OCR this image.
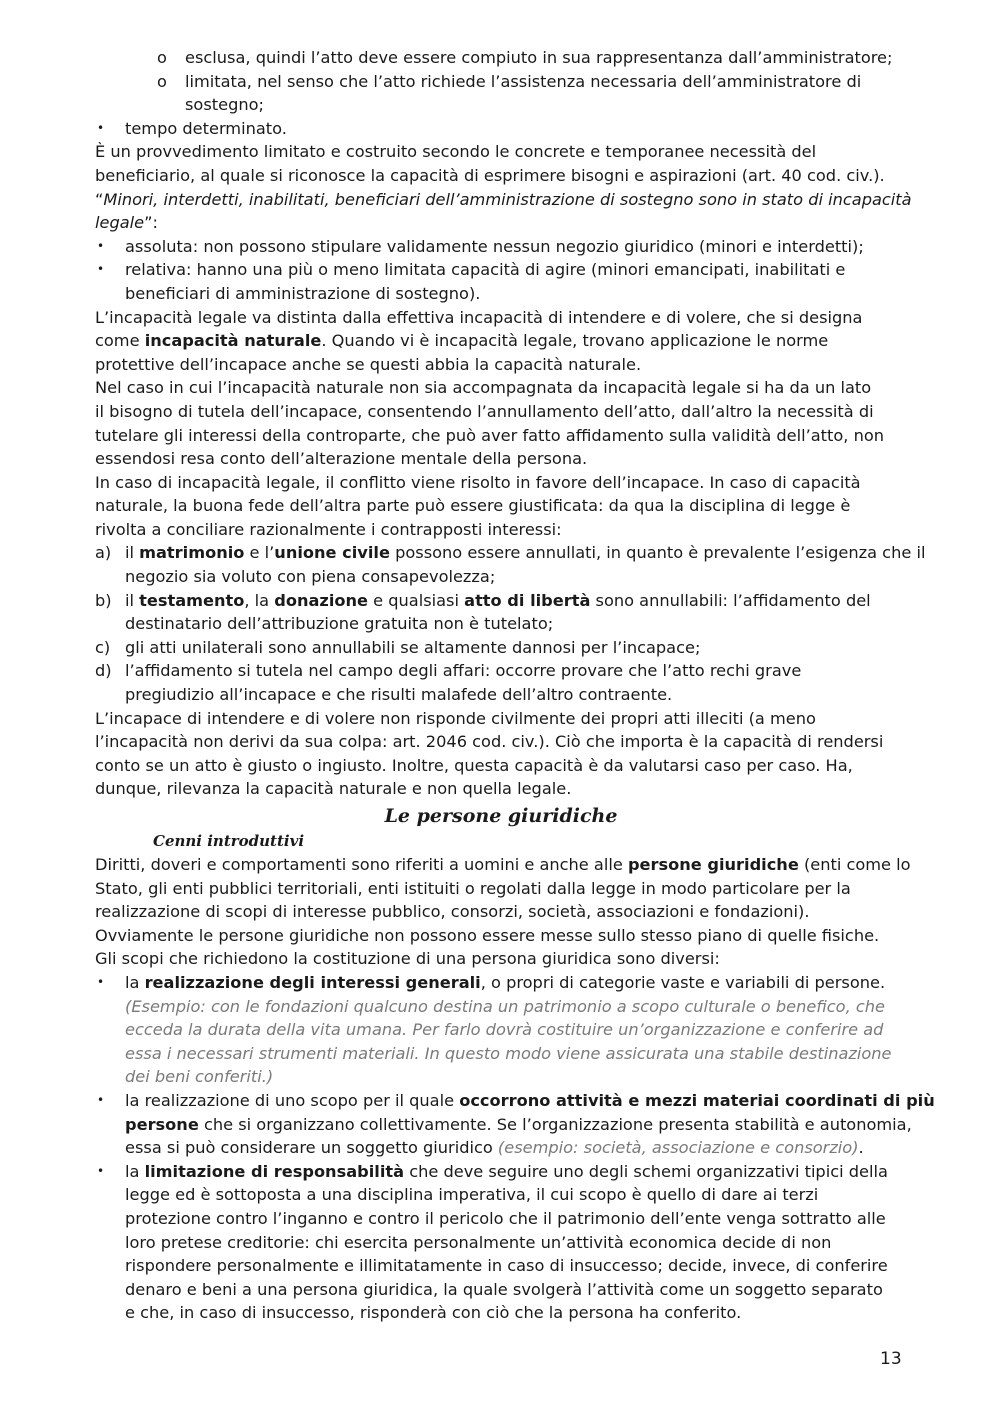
o esclusa, quindi l’atto deve essere compiuto in sua rappresentanza dall’amministratore;
o limitata, nel senso che l’atto richiede l’assistenza necessaria dell’amministratore di
sostegno;
• tempo determinato.
È un provvedimento limitato e costruito secondo le concrete e temporanee necessità del
beneficiario, al quale si riconosce la capacità di esprimere bisogni e aspirazioni (art. 40 cod. civ.).
“Minori, interdetti, inabilitati, beneficiari dell’amministrazione di sostegno sono in stato di incapacità
legale”:
• assoluta: non possono stipulare validamente nessun negozio giuridico (minori e interdetti);
• relativa: hanno una più o meno limitata capacità di agire (minori emancipati, inabilitati e
beneficiari di amministrazione di sostegno).
L’incapacità legale va distinta dalla effettiva incapacità di intendere e di volere, che si designa
come incapacità naturale. Quando vi è incapacità legale, trovano applicazione le norme
protettive dell’incapace anche se questi abbia la capacità naturale.
Nel caso in cui l’incapacità naturale non sia accompagnata da incapacità legale si ha da un lato
il bisogno di tutela dell’incapace, consentendo l’annullamento dell’atto, dall’altro la necessità di
tutelare gli interessi della controparte, che può aver fatto affidamento sulla validità dell’atto, non
essendosi resa conto dell’alterazione mentale della persona.
In caso di incapacità legale, il conflitto viene risolto in favore dell’incapace. In caso di capacità
naturale, la buona fede dell’altra parte può essere giustificata: da qua la disciplina di legge è
rivolta a conciliare razionalmente i contrapposti interessi:
a) il matrimonio e l’unione civile possono essere annullati, in quanto è prevalente l’esigenza che il
negozio sia voluto con piena consapevolezza;
b) il testamento, la donazione e qualsiasi atto di libertà sono annullabili: l’affidamento del
destinatario dell’attribuzione gratuita non è tutelato;
c) gli atti unilaterali sono annullabili se altamente dannosi per l’incapace;
d) l’affidamento si tutela nel campo degli affari: occorre provare che l’atto rechi grave
pregiudizio all’incapace e che risulti malafede dell’altro contraente.
L’incapace di intendere e di volere non risponde civilmente dei propri atti illeciti (a meno
l’incapacità non derivi da sua colpa: art. 2046 cod. civ.). Ciò che importa è la capacità di rendersi
conto se un atto è giusto o ingiusto. Inoltre, questa capacità è da valutarsi caso per caso. Ha,
dunque, rilevanza la capacità naturale e non quella legale.
Le persone giuridiche
Cenni introduttivi
Diritti, doveri e comportamenti sono riferiti a uomini e anche alle persone giuridiche (enti come lo
Stato, gli enti pubblici territoriali, enti istituiti o regolati dalla legge in modo particolare per la
realizzazione di scopi di interesse pubblico, consorzi, società, associazioni e fondazioni).
Ovviamente le persone giuridiche non possono essere messe sullo stesso piano di quelle fisiche.
Gli scopi che richiedono la costituzione di una persona giuridica sono diversi:
• la realizzazione degli interessi generali, o propri di categorie vaste e variabili di persone.
(Esempio: con le fondazioni qualcuno destina un patrimonio a scopo culturale o benefico, che
ecceda la durata della vita umana. Per farlo dovrà costituire un’organizzazione e conferire ad
essa i necessari strumenti materiali. In questo modo viene assicurata una stabile destinazione
dei beni conferiti.)
• la realizzazione di uno scopo per il quale occorrono attività e mezzi materiai coordinati di più
persone che si organizzano collettivamente. Se l’organizzazione presenta stabilità e autonomia,
essa si può considerare un soggetto giuridico (esempio: società, associazione e consorzio).
• la limitazione di responsabilità che deve seguire uno degli schemi organizzativi tipici della
legge ed è sottoposta a una disciplina imperativa, il cui scopo è quello di dare ai terzi
protezione contro l’inganno e contro il pericolo che il patrimonio dell’ente venga sottratto alle
loro pretese creditorie: chi esercita personalmente un’attività economica decide di non
rispondere personalmente e illimitatamente in caso di insuccesso; decide, invece, di conferire
denaro e beni a una persona giuridica, la quale svolgerà l’attività come un soggetto separato
e che, in caso di insuccesso, risponderà con ciò che la persona ha conferito.
13
